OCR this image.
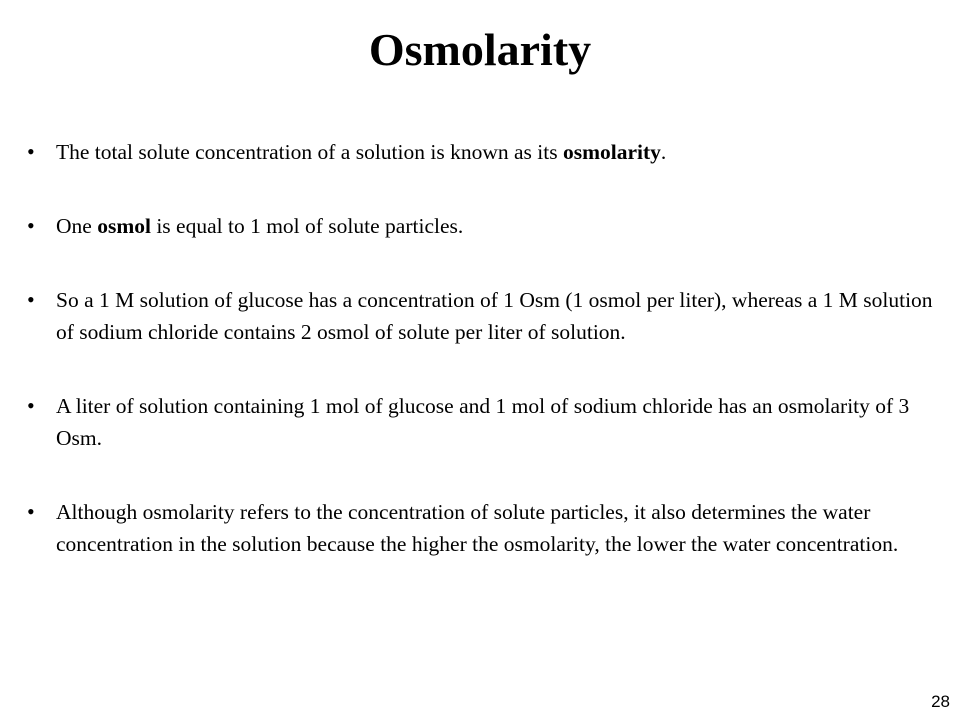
Osmolarity
• The total solute concentration of a solution is known as its osmolarity.
• One osmol is equal to 1 mol of solute particles.
• So a 1 M solution of glucose has a concentration of 1 Osm (1 osmol per liter), whereas a 1 M solution of sodium chloride contains 2 osmol of solute per liter of solution.
• A liter of solution containing 1 mol of glucose and 1 mol of sodium chloride has an osmolarity of 3 Osm.
• Although osmolarity refers to the concentration of solute particles, it also determines the water concentration in the solution because the higher the osmolarity, the lower the water concentration.
28
